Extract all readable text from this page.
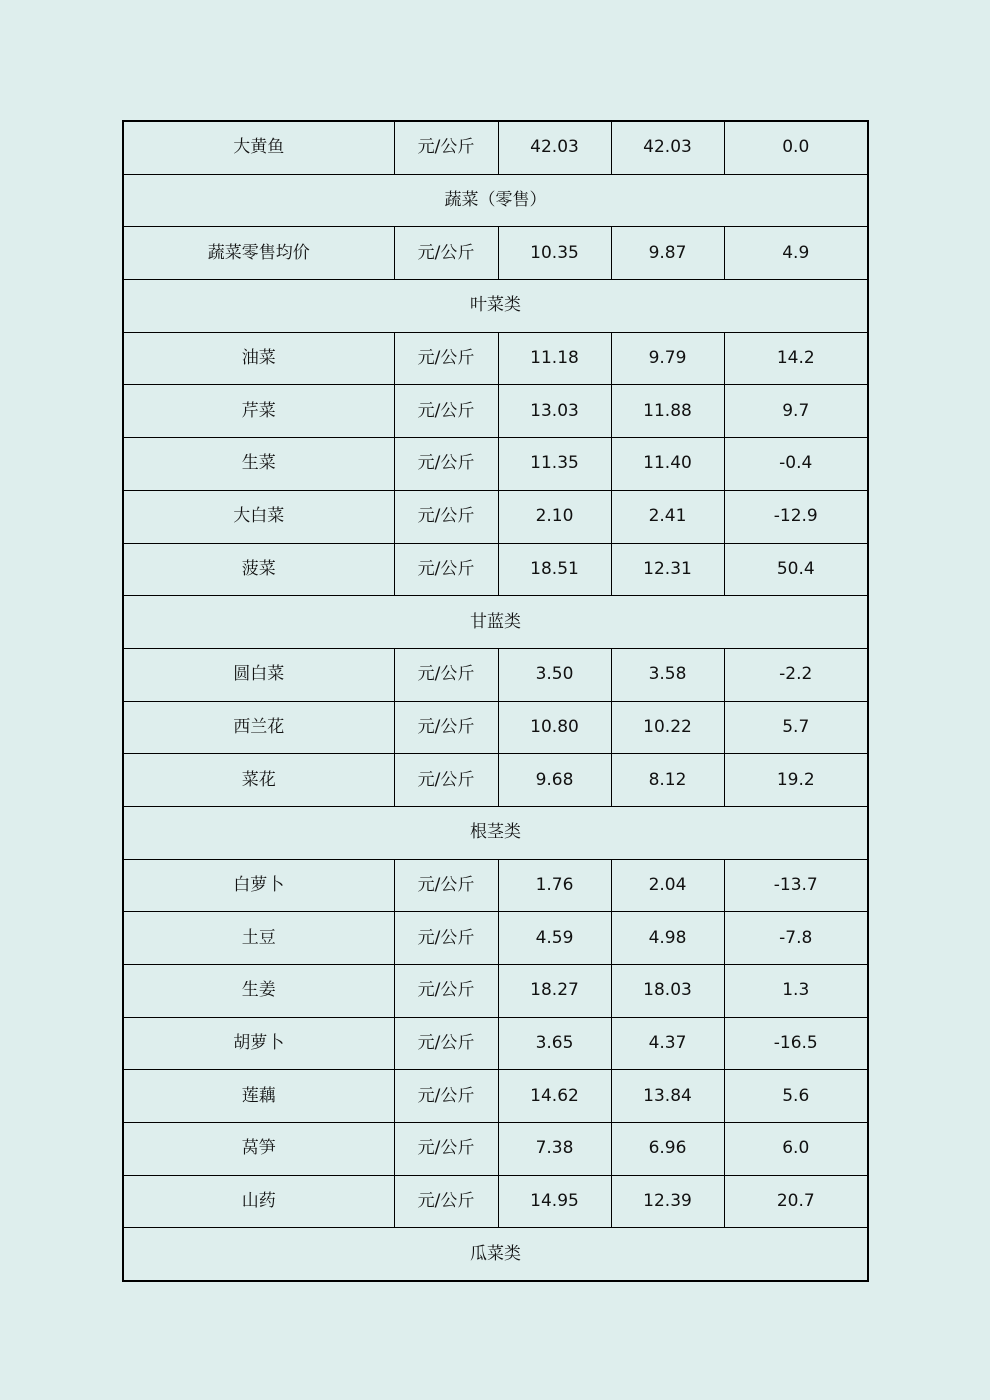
大黄鱼	元/公斤	42.03	42.03	0.0
蔬菜（零售）				
蔬菜零售均价	元/公斤	10.35	9.87	4.9
叶菜类				
油菜	元/公斤	11.18	9.79	14.2
芹菜	元/公斤	13.03	11.88	9.7
生菜	元/公斤	11.35	11.40	-0.4
大白菜	元/公斤	2.10	2.41	-12.9
菠菜	元/公斤	18.51	12.31	50.4
甘蓝类				
圆白菜	元/公斤	3.50	3.58	-2.2
西兰花	元/公斤	10.80	10.22	5.7
菜花	元/公斤	9.68	8.12	19.2
根茎类				
白萝卜	元/公斤	1.76	2.04	-13.7
土豆	元/公斤	4.59	4.98	-7.8
生姜	元/公斤	18.27	18.03	1.3
胡萝卜	元/公斤	3.65	4.37	-16.5
莲藕	元/公斤	14.62	13.84	5.6
莴笋	元/公斤	7.38	6.96	6.0
山药	元/公斤	14.95	12.39	20.7
瓜菜类				
